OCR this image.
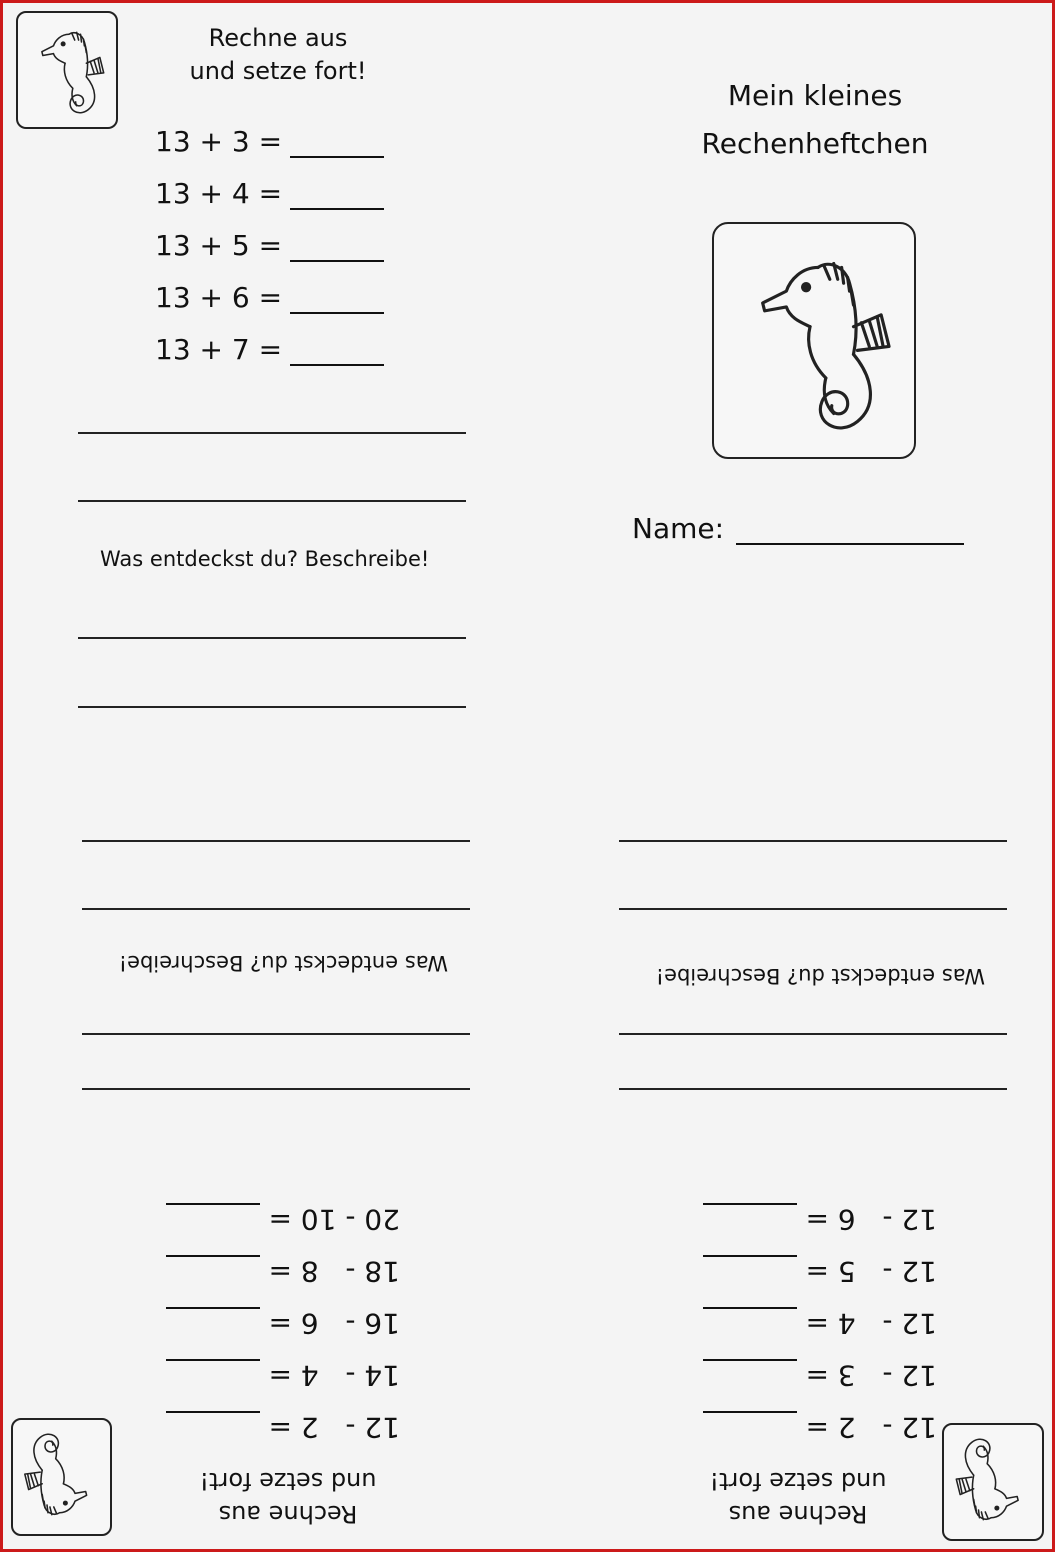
Rechne aus
und setze fort!
13 + 3 =
13 + 4 =
13 + 5 =
13 + 6 =
13 + 7 =
Was entdeckst du? Beschreibe!
Mein kleines
Rechenheftchen
Name:
Was entdeckst du? Beschreibe!
12 -   2 =
14 -   4 =
16 -   6 =
18 -   8 =
20 - 10 =
Rechne aus
und setze fort!
Was entdeckst du? Beschreibe!
12 -   2 =
12 -   3 =
12 -   4 =
12 -   5 =
12 -   6 =
Rechne aus
und setze fort!
